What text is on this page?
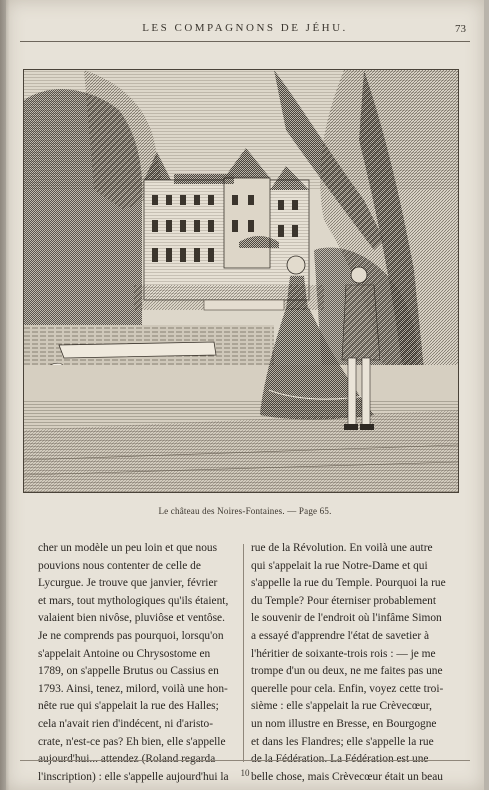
LES COMPAGNONS DE JÉHU.	73
Le château des Noires-Fontaines. — Page 65.
cher un modèle un peu loin et que nous
pouvions nous contenter de celle de
Lycurgue. Je trouve que janvier, février
et mars, tout mythologiques qu'ils étaient,
valaient bien nivôse, pluviôse et ventôse.
Je ne comprends pas pourquoi, lorsqu'on
s'appelait Antoine ou Chrysostome en
1789, on s'appelle Brutus ou Cassius en
1793. Ainsi, tenez, milord, voilà une hon-
nête rue qui s'appelait la rue des Halles;
cela n'avait rien d'indécent, ni d'aristo-
crate, n'est-ce pas? Eh bien, elle s'appelle
aujourd'hui... attendez (Roland regarda
l'inscription) : elle s'appelle aujourd'hui la
rue de la Révolution. En voilà une autre
qui s'appelait la rue Notre-Dame et qui
s'appelle la rue du Temple. Pourquoi la rue
du Temple? Pour éterniser probablement
le souvenir de l'endroit où l'infâme Simon
a essayé d'apprendre l'état de savetier à
l'héritier de soixante-trois rois : — je me
trompe d'un ou deux, ne me faites pas une
querelle pour cela. Enfin, voyez cette troi-
sième : elle s'appelait la rue Crèvecœur,
un nom illustre en Bresse, en Bourgogne
et dans les Flandres; elle s'appelle la rue
de la Fédération. La Fédération est une
belle chose, mais Crèvecœur était un beau
10
